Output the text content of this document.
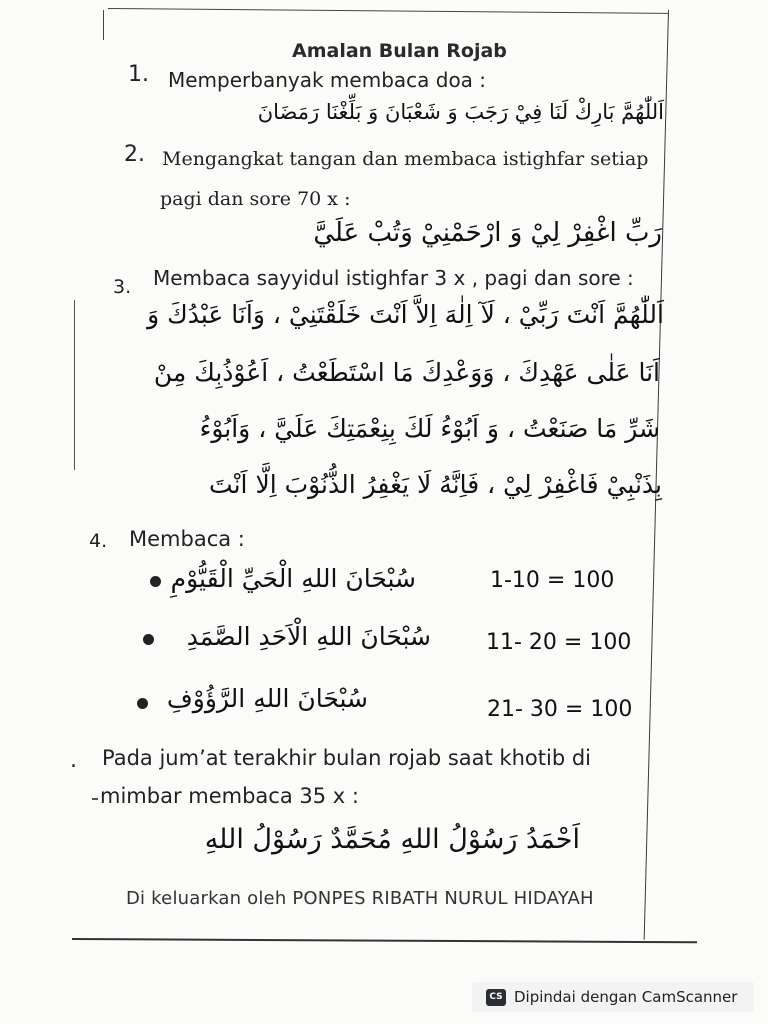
Amalan Bulan Rojab
1. Memperbanyak membaca doa :
اَللّٰهُمَّ بَارِكْ لَنَا فِيْ رَجَبَ وَ شَعْبَانَ وَ بَلِّغْنَا رَمَضَانَ
2. Mengangkat tangan dan membaca istighfar setiap
pagi dan sore 70 x :
رَبِّ اغْفِرْ لِيْ وَ ارْحَمْنِيْ وَتُبْ عَلَيَّ
3. Membaca sayyidul istighfar 3 x , pagi dan sore :
اَللّٰهُمَّ اَنْتَ رَبِّيْ ، لَآ اِلٰهَ اِلاَّ اَنْتَ خَلَقْتَنِيْ ، وَاَنَا عَبْدُكَ وَ
اَنَا عَلٰى عَهْدِكَ ، وَوَعْدِكَ مَا اسْتَطَعْتُ ، اَعُوْذُبِكَ مِنْ
شَرِّ مَا صَنَعْتُ ، وَ اَبُوْءُ لَكَ بِنِعْمَتِكَ عَلَيَّ ، وَاَبُوْءُ
بِذَنْبِيْ فَاغْفِرْ لِيْ ، فَاِنَّهُ لَا يَغْفِرُ الذُّنُوْبَ اِلَّا اَنْتَ
4. Membaca :
سُبْحَانَ اللهِ الْحَيِّ الْقَيُّوْمِ	1-10 = 100
سُبْحَانَ اللهِ الْاَحَدِ الصَّمَدِ	11- 20 = 100
سُبْحَانَ اللهِ الرَّؤُوْفِ	21- 30 = 100
. Pada jum’at terakhir bulan rojab saat khotib di
mimbar membaca 35 x :
اَحْمَدُ رَسُوْلُ اللهِ مُحَمَّدٌ رَسُوْلُ اللهِ
Di keluarkan oleh PONPES RIBATH NURUL HIDAYAH
CS Dipindai dengan CamScanner
